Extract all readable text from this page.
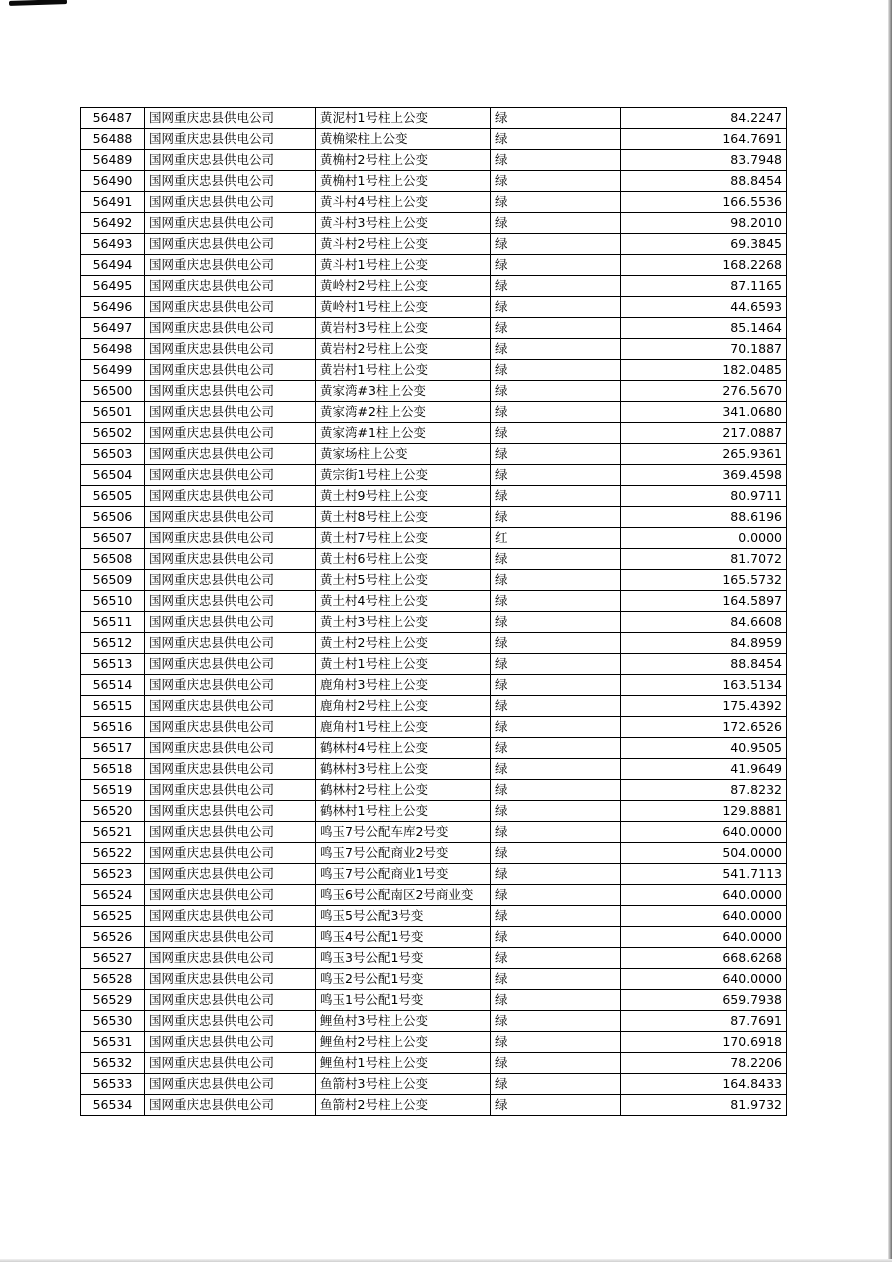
56487	国网重庆忠县供电公司	黄泥村1号柱上公变	绿	84.2247
56488	国网重庆忠县供电公司	黄桷梁柱上公变	绿	164.7691
56489	国网重庆忠县供电公司	黄桷村2号柱上公变	绿	83.7948
56490	国网重庆忠县供电公司	黄桷村1号柱上公变	绿	88.8454
56491	国网重庆忠县供电公司	黄斗村4号柱上公变	绿	166.5536
56492	国网重庆忠县供电公司	黄斗村3号柱上公变	绿	98.2010
56493	国网重庆忠县供电公司	黄斗村2号柱上公变	绿	69.3845
56494	国网重庆忠县供电公司	黄斗村1号柱上公变	绿	168.2268
56495	国网重庆忠县供电公司	黄岭村2号柱上公变	绿	87.1165
56496	国网重庆忠县供电公司	黄岭村1号柱上公变	绿	44.6593
56497	国网重庆忠县供电公司	黄岩村3号柱上公变	绿	85.1464
56498	国网重庆忠县供电公司	黄岩村2号柱上公变	绿	70.1887
56499	国网重庆忠县供电公司	黄岩村1号柱上公变	绿	182.0485
56500	国网重庆忠县供电公司	黄家湾#3柱上公变	绿	276.5670
56501	国网重庆忠县供电公司	黄家湾#2柱上公变	绿	341.0680
56502	国网重庆忠县供电公司	黄家湾#1柱上公变	绿	217.0887
56503	国网重庆忠县供电公司	黄家场柱上公变	绿	265.9361
56504	国网重庆忠县供电公司	黄宗街1号柱上公变	绿	369.4598
56505	国网重庆忠县供电公司	黄土村9号柱上公变	绿	80.9711
56506	国网重庆忠县供电公司	黄土村8号柱上公变	绿	88.6196
56507	国网重庆忠县供电公司	黄土村7号柱上公变	红	0.0000
56508	国网重庆忠县供电公司	黄土村6号柱上公变	绿	81.7072
56509	国网重庆忠县供电公司	黄土村5号柱上公变	绿	165.5732
56510	国网重庆忠县供电公司	黄土村4号柱上公变	绿	164.5897
56511	国网重庆忠县供电公司	黄土村3号柱上公变	绿	84.6608
56512	国网重庆忠县供电公司	黄土村2号柱上公变	绿	84.8959
56513	国网重庆忠县供电公司	黄土村1号柱上公变	绿	88.8454
56514	国网重庆忠县供电公司	鹿角村3号柱上公变	绿	163.5134
56515	国网重庆忠县供电公司	鹿角村2号柱上公变	绿	175.4392
56516	国网重庆忠县供电公司	鹿角村1号柱上公变	绿	172.6526
56517	国网重庆忠县供电公司	鹤林村4号柱上公变	绿	40.9505
56518	国网重庆忠县供电公司	鹤林村3号柱上公变	绿	41.9649
56519	国网重庆忠县供电公司	鹤林村2号柱上公变	绿	87.8232
56520	国网重庆忠县供电公司	鹤林村1号柱上公变	绿	129.8881
56521	国网重庆忠县供电公司	鸣玉7号公配车库2号变	绿	640.0000
56522	国网重庆忠县供电公司	鸣玉7号公配商业2号变	绿	504.0000
56523	国网重庆忠县供电公司	鸣玉7号公配商业1号变	绿	541.7113
56524	国网重庆忠县供电公司	鸣玉6号公配南区2号商业变	绿	640.0000
56525	国网重庆忠县供电公司	鸣玉5号公配3号变	绿	640.0000
56526	国网重庆忠县供电公司	鸣玉4号公配1号变	绿	640.0000
56527	国网重庆忠县供电公司	鸣玉3号公配1号变	绿	668.6268
56528	国网重庆忠县供电公司	鸣玉2号公配1号变	绿	640.0000
56529	国网重庆忠县供电公司	鸣玉1号公配1号变	绿	659.7938
56530	国网重庆忠县供电公司	鲤鱼村3号柱上公变	绿	87.7691
56531	国网重庆忠县供电公司	鲤鱼村2号柱上公变	绿	170.6918
56532	国网重庆忠县供电公司	鲤鱼村1号柱上公变	绿	78.2206
56533	国网重庆忠县供电公司	鱼箭村3号柱上公变	绿	164.8433
56534	国网重庆忠县供电公司	鱼箭村2号柱上公变	绿	81.9732
